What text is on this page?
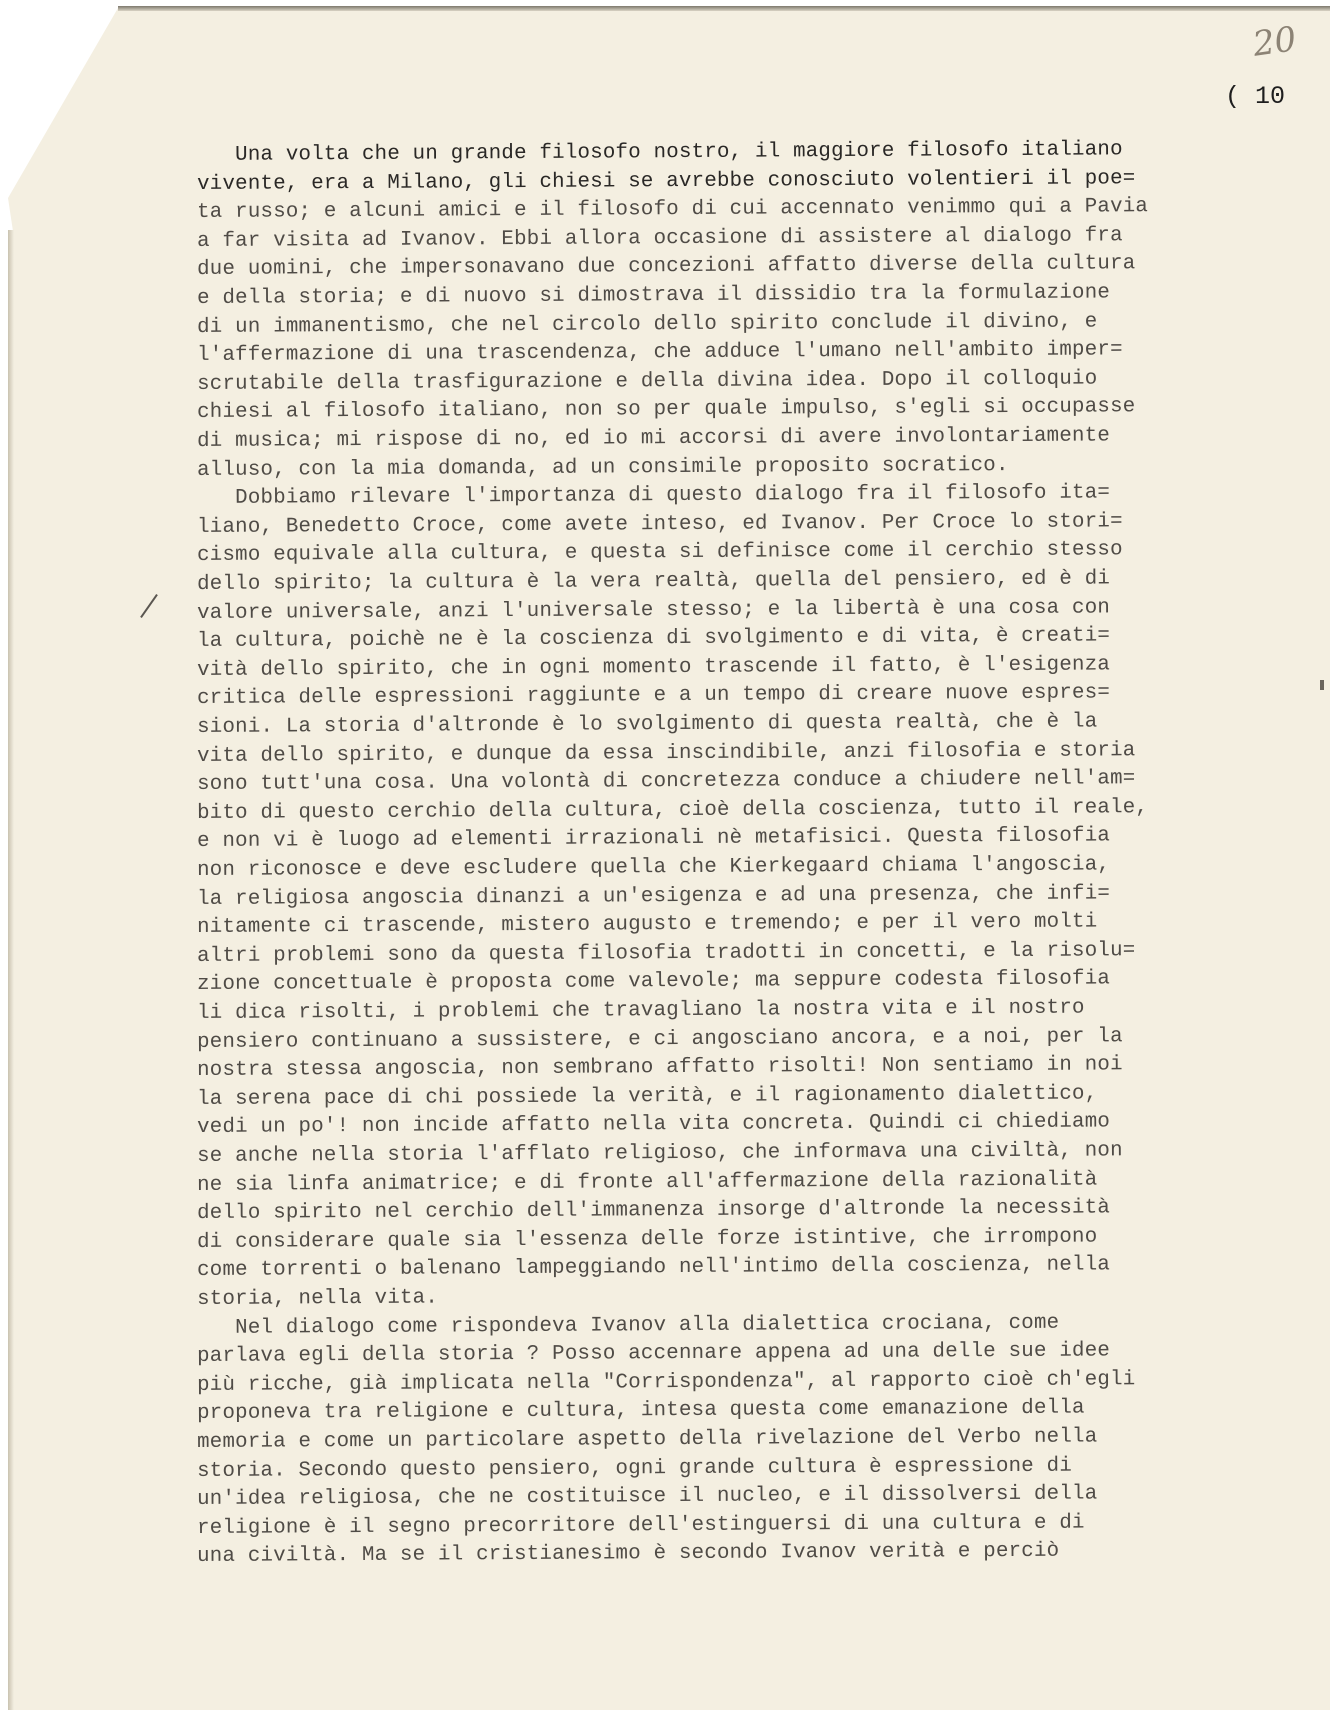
20
( 10
Una volta che un grande filosofo nostro, il maggiore filosofo italiano
vivente, era a Milano, gli chiesi se avrebbe conosciuto volentieri il poe=
ta russo; e alcuni amici e il filosofo di cui accennato venimmo qui a Pavia
a far visita ad Ivanov. Ebbi allora occasione di assistere al dialogo fra
due uomini, che impersonavano due concezioni affatto diverse della cultura
e della storia; e di nuovo si dimostrava il dissidio tra la formulazione
di un immanentismo, che nel circolo dello spirito conclude il divino, e
l'affermazione di una trascendenza, che adduce l'umano nell'ambito imper=
scrutabile della trasfigurazione e della divina idea. Dopo il colloquio
chiesi al filosofo italiano, non so per quale impulso, s'egli si occupasse
di musica; mi rispose di no, ed io mi accorsi di avere involontariamente
alluso, con la mia domanda, ad un consimile proposito socratico.
Dobbiamo rilevare l'importanza di questo dialogo fra il filosofo ita=
liano, Benedetto Croce, come avete inteso, ed Ivanov. Per Croce lo stori=
cismo equivale alla cultura, e questa si definisce come il cerchio stesso
dello spirito; la cultura è la vera realtà, quella del pensiero, ed è di
valore universale, anzi l'universale stesso; e la libertà è una cosa con
la cultura, poichè ne è la coscienza di svolgimento e di vita, è creati=
vità dello spirito, che in ogni momento trascende il fatto, è l'esigenza
critica delle espressioni raggiunte e a un tempo di creare nuove espres=
sioni. La storia d'altronde è lo svolgimento di questa realtà, che è la
vita dello spirito, e dunque da essa inscindibile, anzi filosofia e storia
sono tutt'una cosa. Una volontà di concretezza conduce a chiudere nell'am=
bito di questo cerchio della cultura, cioè della coscienza, tutto il reale,
e non vi è luogo ad elementi irrazionali nè metafisici. Questa filosofia
non riconosce e deve escludere quella che Kierkegaard chiama l'angoscia,
la religiosa angoscia dinanzi a un'esigenza e ad una presenza, che infi=
nitamente ci trascende, mistero augusto e tremendo; e per il vero molti
altri problemi sono da questa filosofia tradotti in concetti, e la risolu=
zione concettuale è proposta come valevole; ma seppure codesta filosofia
li dica risolti, i problemi che travagliano la nostra vita e il nostro
pensiero continuano a sussistere, e ci angosciano ancora, e a noi, per la
nostra stessa angoscia, non sembrano affatto risolti! Non sentiamo in noi
la serena pace di chi possiede la verità, e il ragionamento dialettico,
vedi un po'! non incide affatto nella vita concreta. Quindi ci chiediamo
se anche nella storia l'afflato religioso, che informava una civiltà, non
ne sia linfa animatrice; e di fronte all'affermazione della razionalità
dello spirito nel cerchio dell'immanenza insorge d'altronde la necessità
di considerare quale sia l'essenza delle forze istintive, che irrompono
come torrenti o balenano lampeggiando nell'intimo della coscienza, nella
storia, nella vita.
Nel dialogo come rispondeva Ivanov alla dialettica crociana, come
parlava egli della storia ? Posso accennare appena ad una delle sue idee
più ricche, già implicata nella "Corrispondenza", al rapporto cioè ch'egli
proponeva tra religione e cultura, intesa questa come emanazione della
memoria e come un particolare aspetto della rivelazione del Verbo nella
storia. Secondo questo pensiero, ogni grande cultura è espressione di
un'idea religiosa, che ne costituisce il nucleo, e il dissolversi della
religione è il segno precorritore dell'estinguersi di una cultura e di
una civiltà. Ma se il cristianesimo è secondo Ivanov verità e perciò
